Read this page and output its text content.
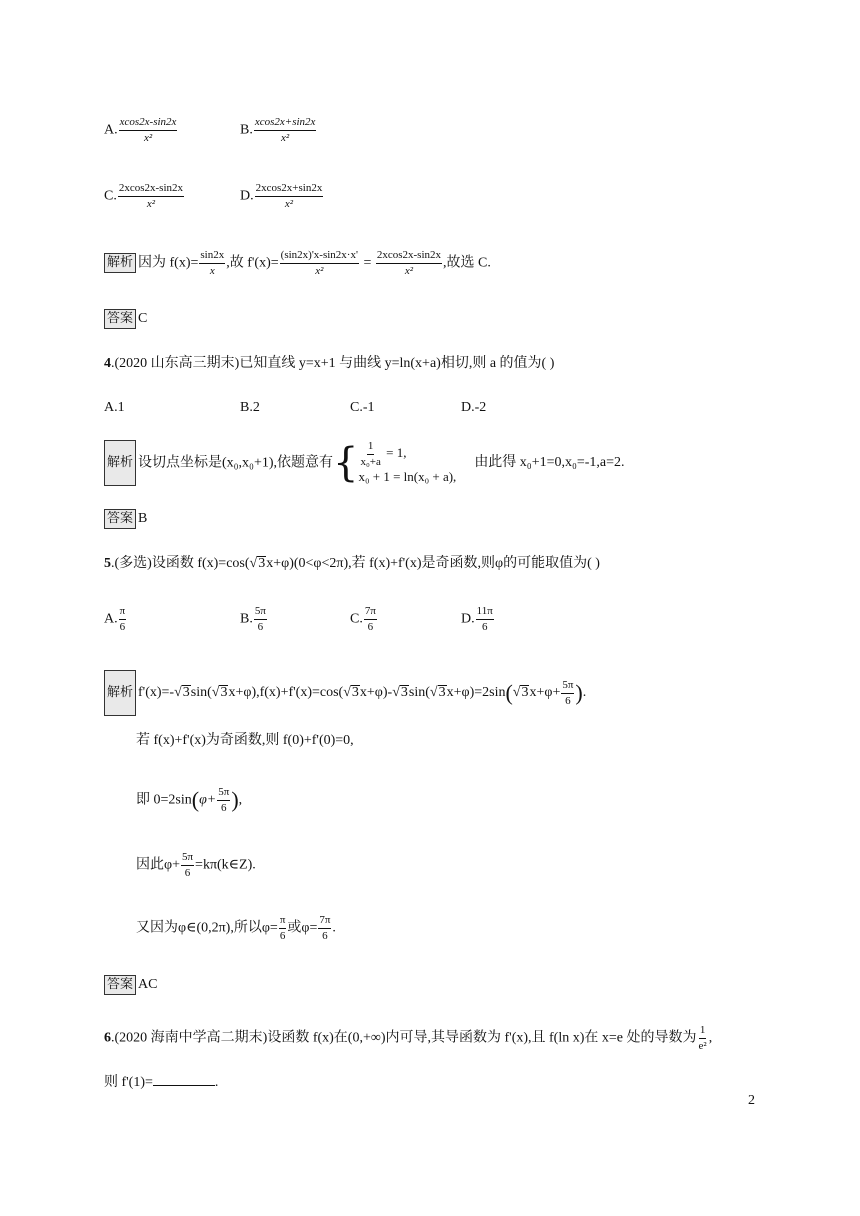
A. $\frac{xcos2x-\sin 2x}{\text{x²}}$	B. $\frac{xcos2x+\sin 2x}{\text{x²}}$
C. $\frac{2xcos2x-\sin 2x}{\text{x²}}$	D. $\frac{2xcos2x+\sin 2x}{\text{x²}}$
解析 因为 $f(x)= \frac{\sin 2x}{x}$ ,故 $f'(x)= \frac{(\sin 2x)'x-\sin 2x\cdot x'}{\text{x²}} = \frac{2xcos2x-\sin 2x}{\text{x²}}$ ,故选 C.
答案 C
4.(2020 山东高三期末)已知直线 y=x+1 与曲线 y=ln(x+a)相切,则 a 的值为( )
A.1	B.2	C.-1	D.-2
解析 设切点坐标是(x₀,x₀+1),依题意有{ $\frac{1}{\text{x₀+a}} = 1$,
x₀ + 1 = ln(x₀ + a),
由此得 x₀+1=0,x₀=-1,a=2.
答案 B
5.(多选)设函数 f(x)=cos(√3x+φ)(0<φ<2π),若 f(x)+f'(x)是奇函数,则φ的可能取值为( )
A. $\frac{\pi}{6}$	B. $\frac{5\pi}{6}$	C. $\frac{7\pi}{6}$	D. $\frac{11\pi}{6}$
解析 $f'(x)=-√3\sin(√3x+\varphi),f(x)+f'(x)=\cos(√3x+\varphi)-√3\sin(√3x+\varphi)=2\sin(√3x+\varphi+ \frac{5\pi}{6}$ ).
若 f(x)+f'(x)为奇函数,则 f(0)+f'(0)=0,
即 $0=2\sin(\varphi+ \frac{5\pi}{6}$ ),
因此$\varphi+ \frac{5\pi}{6}$ =kπ(k∈Z).
又因为φ∈(0,2π),所以$\varphi= \frac{\pi}{6}$ 或$\varphi= \frac{7\pi}{6}$ .
答案 AC
6.(2020 海南中学高二期末)设函数 f(x)在(0,+∞)内可导,其导函数为 f'(x),且 f(ln x)在 x=e 处的导数为 $\frac{1}{\text{e²}}$ ,
则 f'(1)=	.
2
